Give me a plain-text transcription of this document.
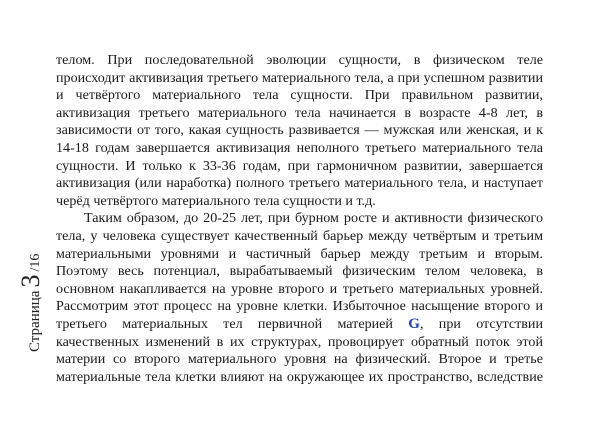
Страница
3
/16

телом. При последовательной эволюции сущности, в физическом теле происходит активизация третьего материального тела, а при успешном развитии и четвёртого материального тела сущности. При правильном развитии, активизация третьего материального тела начинается в возрасте 4-8 лет, в зависимости от того, какая сущность развивается — мужская или женская, и к 14-18 годам завершается активизация неполного третьего материального тела сущности. И только к 33-36 годам, при гармоничном развитии, завершается активизация (или наработка) полного третьего материального тела, и наступает черёд четвёртого материального тела сущности и т.д.

Таким образом, до 20-25 лет, при бурном росте и активности физического тела, у человека существует качественный барьер между четвёртым и третьим материальными уровнями и частичный барьер между третьим и вторым. Поэтому весь потенциал, вырабатываемый физическим телом человека, в основном накапливается на уровне второго и третьего материальных уровней. Рассмотрим этот процесс на уровне клетки. Избыточное насыщение второго и третьего материальных тел первичной материей G, при отсутствии качественных изменений в их структурах, провоцирует обратный поток этой материи со второго материального уровня на физический. Второе и третье материальные тела клетки влияют на окружающее их пространство, вследствие
